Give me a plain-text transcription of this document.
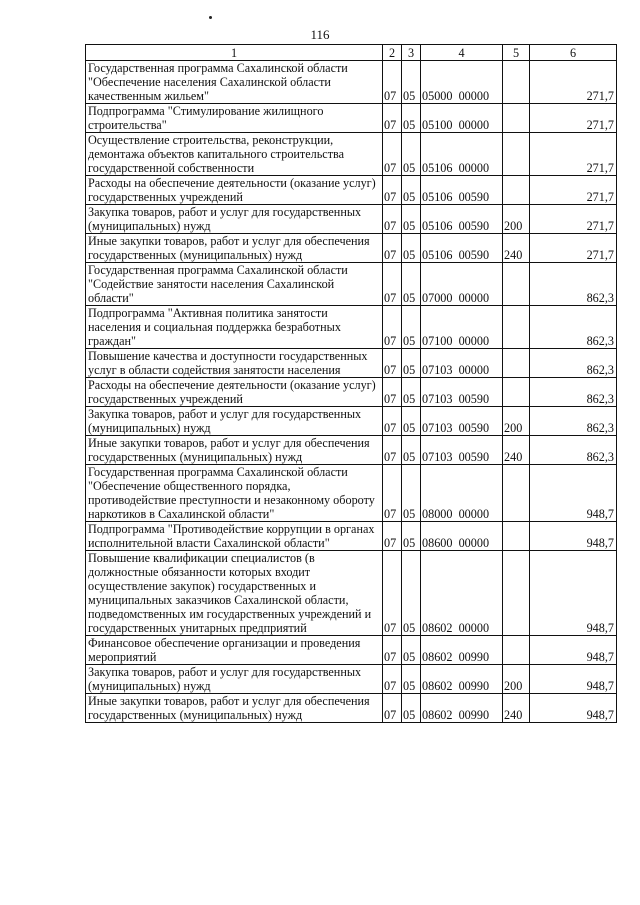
116
1	2	3	4	5	6
Государственная программа Сахалинской области "Обеспечение населения Сахалинской области качественным жильем"	07	05	05000  00000		271,7
Подпрограмма "Стимулирование жилищного строительства"	07	05	05100  00000		271,7
Осуществление строительства, реконструкции, демонтажа объектов капитального строительства государственной собственности	07	05	05106  00000		271,7
Расходы на обеспечение деятельности (оказание услуг) государственных учреждений	07	05	05106  00590		271,7
Закупка товаров, работ и услуг для государственных (муниципальных) нужд	07	05	05106  00590	200	271,7
Иные закупки товаров, работ и услуг для обеспечения государственных (муниципальных) нужд	07	05	05106  00590	240	271,7
Государственная программа Сахалинской области "Содействие занятости населения Сахалинской области"	07	05	07000  00000		862,3
Подпрограмма "Активная политика занятости населения и социальная поддержка безработных граждан"	07	05	07100  00000		862,3
Повышение качества и доступности государственных услуг в области содействия занятости населения	07	05	07103  00000		862,3
Расходы на обеспечение деятельности (оказание услуг) государственных учреждений	07	05	07103  00590		862,3
Закупка товаров, работ и услуг для государственных (муниципальных) нужд	07	05	07103  00590	200	862,3
Иные закупки товаров, работ и услуг для обеспечения государственных (муниципальных) нужд	07	05	07103  00590	240	862,3
Государственная программа Сахалинской области "Обеспечение общественного порядка, противодействие преступности и незаконному обороту наркотиков в Сахалинской области"	07	05	08000  00000		948,7
Подпрограмма "Противодействие коррупции в органах исполнительной власти Сахалинской области"	07	05	08600  00000		948,7
Повышение квалификации специалистов (в должностные обязанности которых входит осуществление закупок) государственных и муниципальных заказчиков Сахалинской области, подведомственных им государственных учреждений и государственных унитарных предприятий	07	05	08602  00000		948,7
Финансовое обеспечение организации и проведения мероприятий	07	05	08602  00990		948,7
Закупка товаров, работ и услуг для государственных (муниципальных) нужд	07	05	08602  00990	200	948,7
Иные закупки товаров, работ и услуг для обеспечения государственных (муниципальных) нужд	07	05	08602  00990	240	948,7
